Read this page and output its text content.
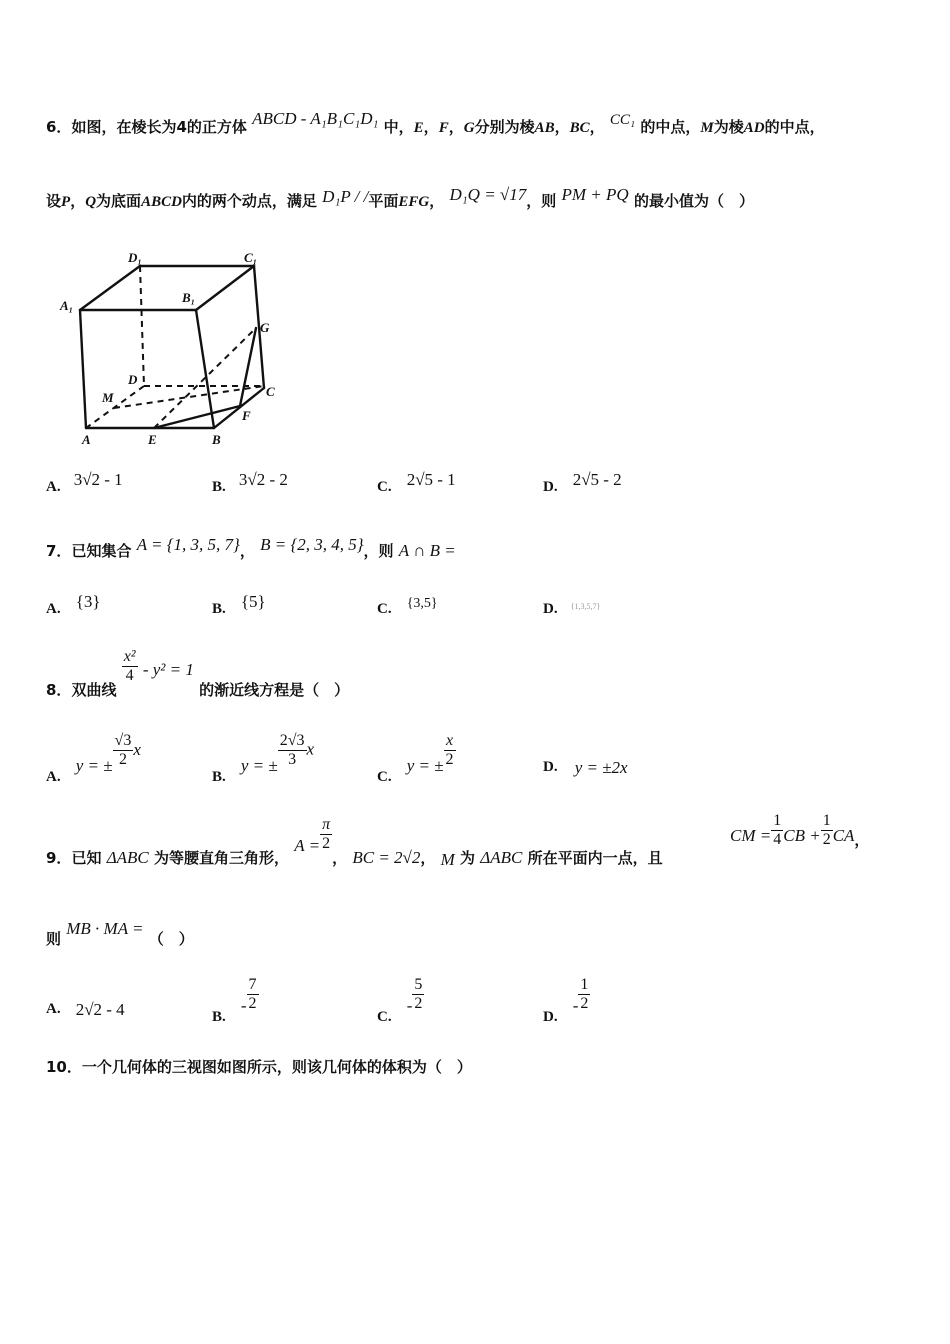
6．如图，在棱长为4的正方体 ABCD - A₁B₁C₁D₁ 中，E，F，G分别为棱AB，BC， CC₁ 的中点，M为棱AD的中点，
设P，Q为底面ABCD内的两个动点，满足 D₁P / /平面EFG， D₁Q = √17，则 PM + PQ 的最小值为（　）
D₁	C₁
A₁
B₁
G
D
C
M
F
A	E	B
A. 3√2 - 1	B. 3√2 - 2	C. 2√5 - 1	D. 2√5 - 2
7．已知集合 A = {1, 3, 5, 7}， B = {2, 3, 4, 5}，则 A ∩ B =
A. {3}	B. {5}	C. {3,5}	D. $^{\{1,3,5,7\}}$
8．双曲线
$\frac{\text{x²}}{4} - y^2 = 1$ 的渐近线方程是（　）
A. y = ± $\frac{√3}{2}$ x
B. y = ± $\frac{2√3}{3}$ x
C. y = ± $\frac{x}{2}$	D. y = ±2x
9．已知 ΔABC 为等腰直角三角形， $A = \frac{\pi}{2}$
， BC = 2√2， M 为 ΔABC 所在平面内一点，且
CM = $\frac{1}{4}$ CB + $\frac{1}{2}$ CA，
则 MB · MA = （　）
A. 2√2 - 4	B. - $\frac{7}{2}$
C. - $\frac{5}{2}$
D. - $\frac{1}{2}$
10．一个几何体的三视图如图所示，则该几何体的体积为（　）
